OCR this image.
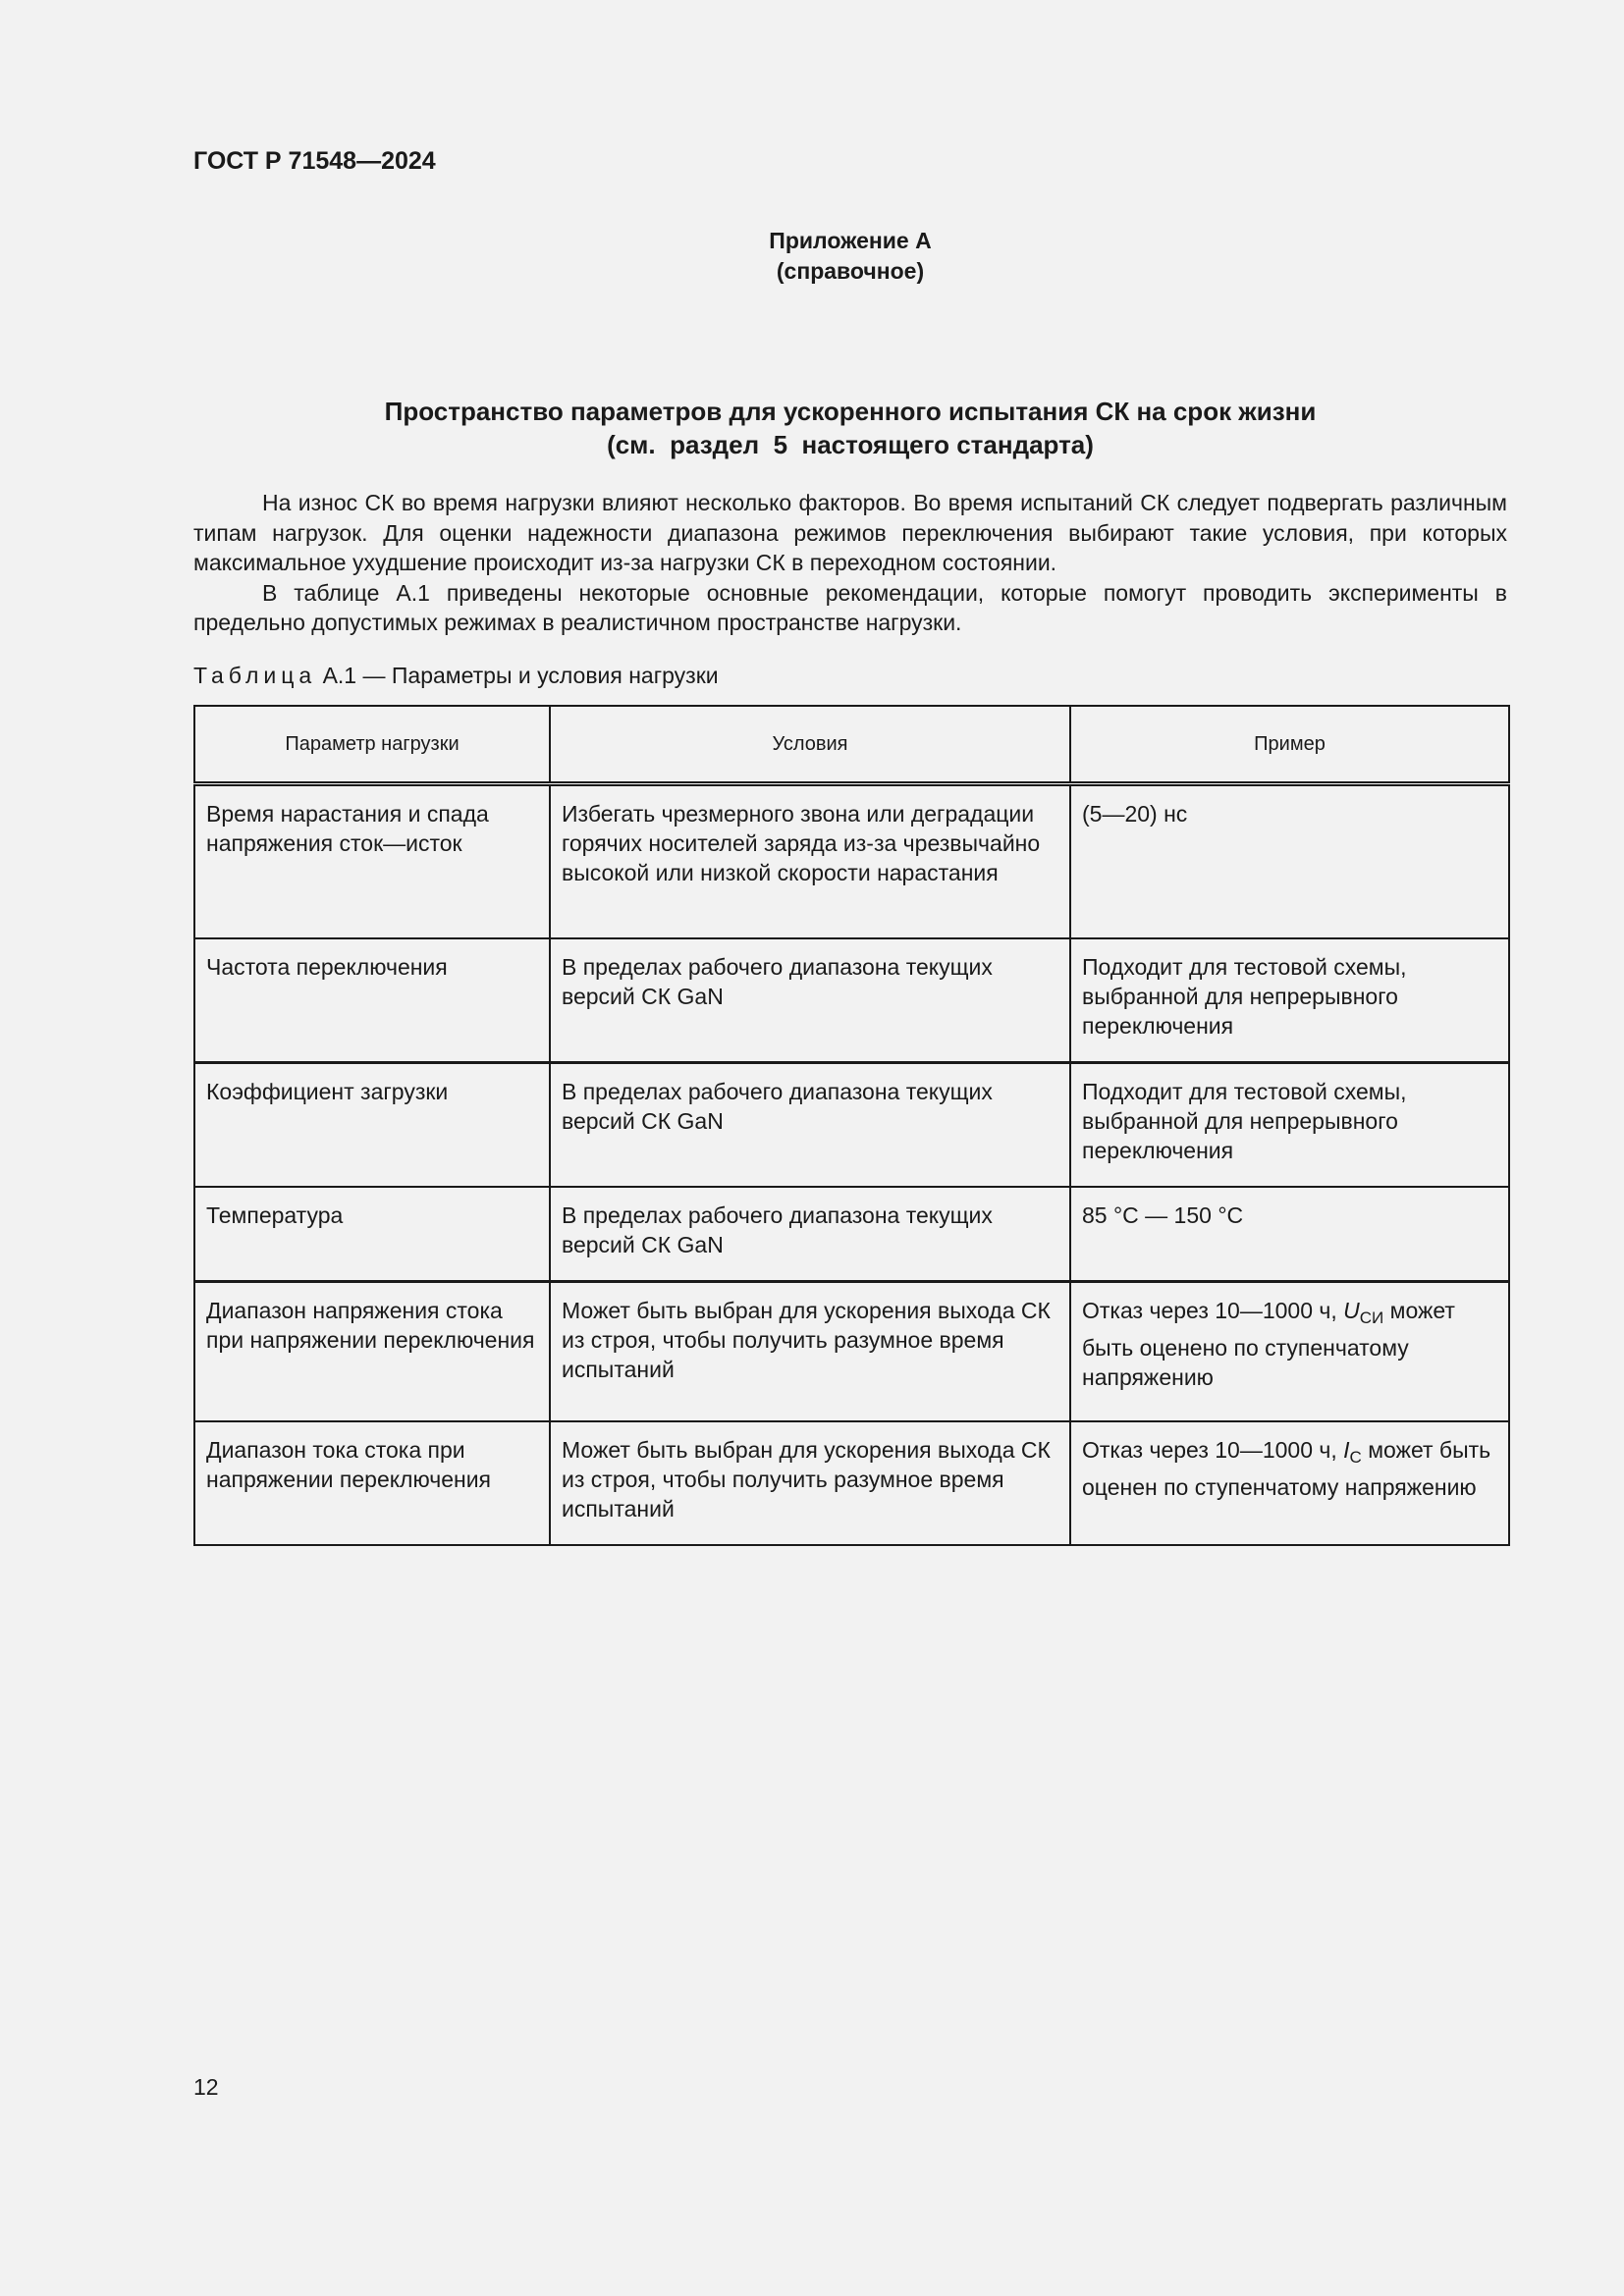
ГОСТ Р 71548—2024
Приложение А
(справочное)
Пространство параметров для ускоренного испытания СК на срок жизни
(см.  раздел  5  настоящего стандарта)

На износ СК во время нагрузки влияют несколько факторов. Во время испытаний СК следует подвергать различным типам нагрузок. Для оценки надежности диапазона режимов переключения выбирают такие условия, при которых максимальное ухудшение происходит из-за нагрузки СК в переходном состоянии.

В таблице А.1 приведены некоторые основные рекомендации, которые помогут проводить эксперименты в предельно допустимых режимах в реалистичном пространстве нагрузки.

Таблица А.1 — Параметры и условия нагрузки
Параметр нагрузки	Условия	Пример
Время нарастания и спада напряжения сток—исток	Избегать чрезмерного звона или деградации горячих носителей заряда из-за чрезвычайно высокой или низкой скорости нарастания	(5—20) нс
Частота переключения	В пределах рабочего диапазона текущих версий СК GaN	Подходит для тестовой схемы, выбранной для непрерывного переключения
Коэффициент загрузки	В пределах рабочего диапазона текущих версий СК GaN	Подходит для тестовой схемы, выбранной для непрерывного переключения
Температура	В пределах рабочего диапазона текущих версий СК GaN	85 °С — 150 °С
Диапазон напряжения стока при напряжении переключения	Может быть выбран для ускорения выхода СК из строя, чтобы получить разумное время испытаний	Отказ через 10—1000 ч, $U_{СИ}$ может быть оценено по ступенчатому напряжению
Диапазон тока стока при напряжении переключения	Может быть выбран для ускорения выхода СК из строя, чтобы получить разумное время испытаний	Отказ через 10—1000 ч, $I_С$ может быть оценен по ступенчатому напряжению
12
